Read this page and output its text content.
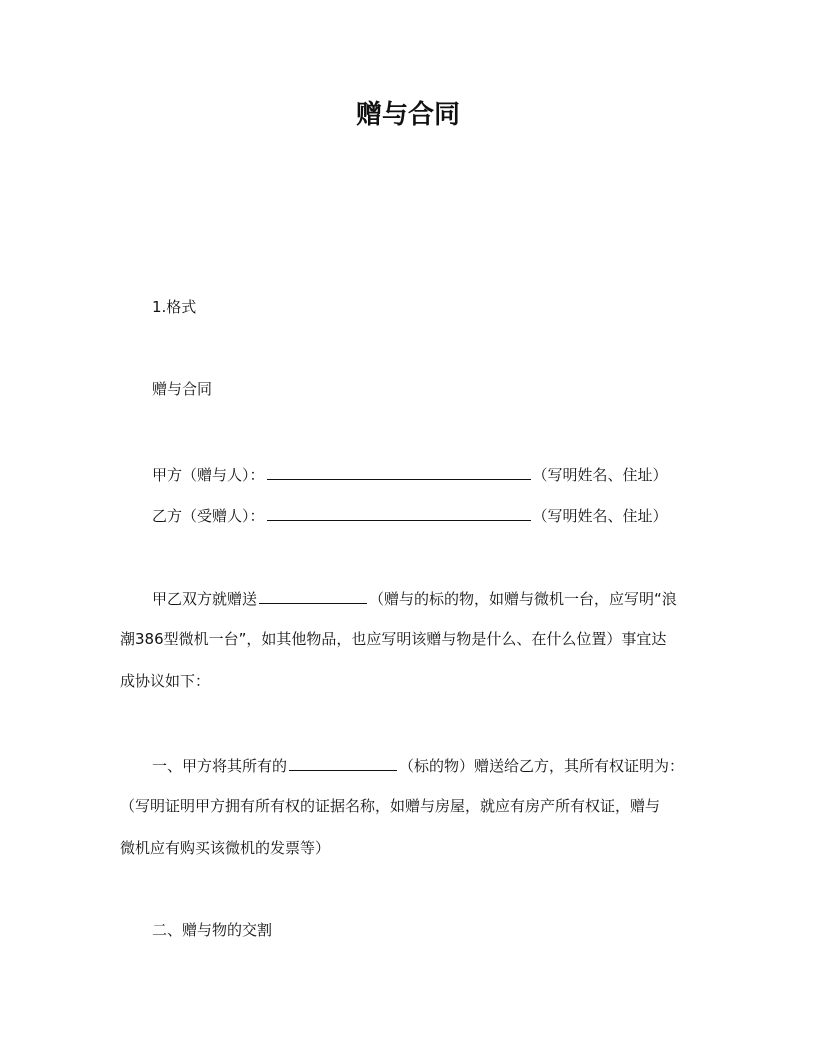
赠与合同
1.格式
赠与合同
甲方（赠与人）：	（写明姓名、住址）
乙方（受赠人）：	（写明姓名、住址）
甲乙双方就赠送	（赠与的标的物，如赠与微机一台，应写明“浪
潮386型微机一台”，如其他物品，也应写明该赠与物是什么、在什么位置）事宜达
成协议如下：
一、甲方将其所有的	（标的物）赠送给乙方，其所有权证明为：
（写明证明甲方拥有所有权的证据名称，如赠与房屋，就应有房产所有权证，赠与
微机应有购买该微机的发票等）
二、赠与物的交割
